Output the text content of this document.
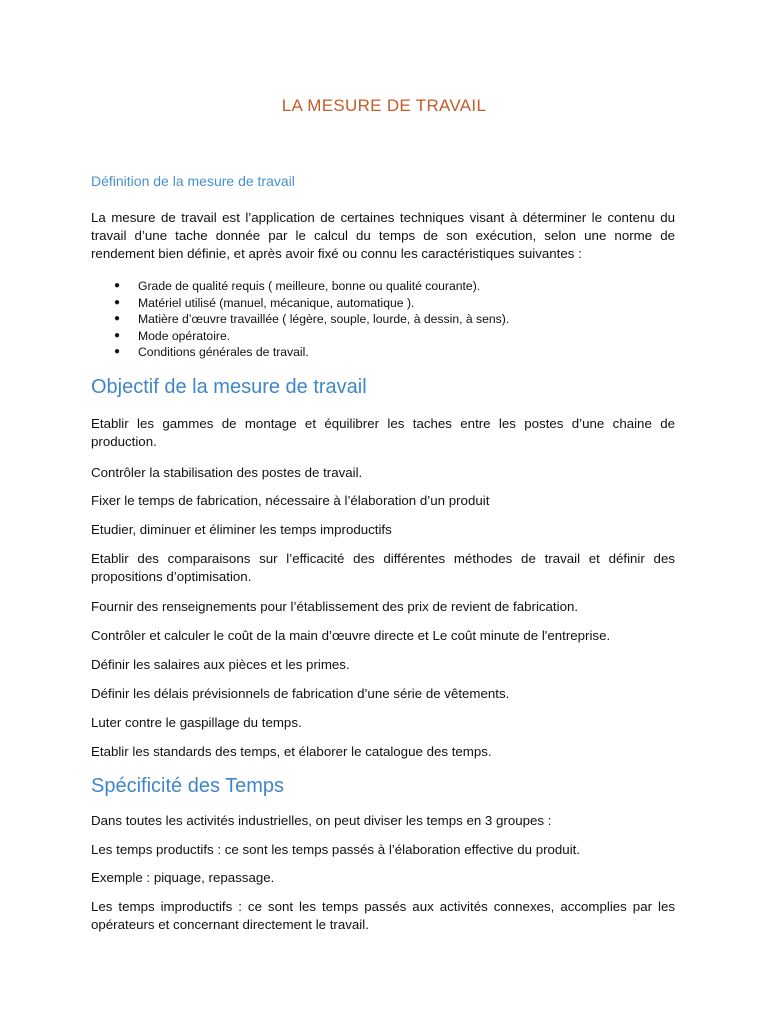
LA MESURE DE TRAVAIL
Définition de la mesure de travail
La mesure de travail est l’application de certaines techniques visant à déterminer le contenu du travail d’une tache donnée par le calcul du temps de son exécution, selon une norme de rendement bien définie, et après avoir fixé ou connu les caractéristiques suivantes :
● Grade de qualité requis ( meilleure, bonne ou qualité courante).
● Matériel utilisé (manuel, mécanique, automatique ).
● Matière d’œuvre travaillée ( légère, souple, lourde, à dessin, à sens).
● Mode opératoire.
● Conditions générales de travail.
Objectif de la mesure de travail

Etablir les gammes de montage et équilibrer les taches entre les postes d’une chaine de production.

Contrôler la stabilisation des postes de travail.

Fixer le temps de fabrication, nécessaire à l’élaboration d’un produit

Etudier, diminuer et éliminer les temps improductifs

Etablir des comparaisons sur l’efficacité des différentes méthodes de travail et définir des propositions d’optimisation.

Fournir des renseignements pour l’établissement des prix de revient de fabrication.

Contrôler et calculer le coût de la main d’œuvre directe et Le coût minute de l'entreprise.

Définir les salaires aux pièces et les primes.

Définir les délais prévisionnels de fabrication d’une série de vêtements.

Luter contre le gaspillage du temps.

Etablir les standards des temps, et élaborer le catalogue des temps.

Spécificité des Temps

Dans toutes les activités industrielles, on peut diviser les temps en 3 groupes :

Les temps productifs : ce sont les temps passés à l’élaboration effective du produit.

Exemple : piquage, repassage.

Les temps improductifs : ce sont les temps passés aux activités connexes, accomplies par les opérateurs et concernant directement le travail.
